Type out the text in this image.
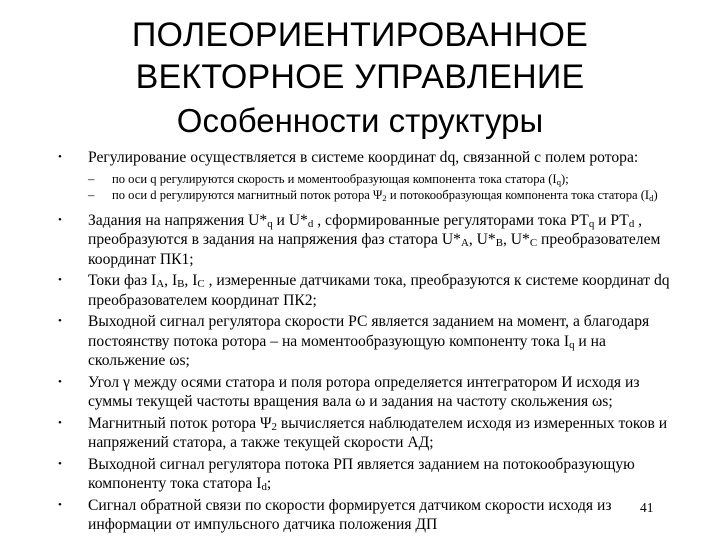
ПОЛЕОРИЕНТИРОВАННОЕ
ВЕКТОРНОЕ УПРАВЛЕНИЕ
Особенности структуры
• Регулирование осуществляется в системе координат dq, связанной с полем ротора:
– по оси q регулируются скорость и моментообразующая компонента тока статора $(I_q)$;
– по оси d регулируются магнитный поток ротора $\Psi_2$ и потокообразующая компонента тока статора $(I_d)$
• Задания на напряжения $U*_q$ и $U*_d$ , сформированные регуляторами тока $РТ_q$ и $РТ_d$ , преобразуются в задания на напряжения фаз статора $U*_A$, $U*_B$, $U*_C$ преобразователем координат ПК1;
• Токи фаз $I_A$, $I_B$, $I_C$ , измеренные датчиками тока, преобразуются к системе координат dq преобразователем координат ПК2;
• Выходной сигнал регулятора скорости РС является заданием на момент, а благодаря постоянству потока ротора – на моментообразующую компоненту тока $I_q$ и на скольжение ωs;
• Угол γ между осями статора и поля ротора определяется интегратором И исходя из суммы текущей частоты вращения вала ω и задания на частоту скольжения ωs;
• Магнитный поток ротора $\Psi_2$ вычисляется наблюдателем исходя из измеренных токов и напряжений статора, а также текущей скорости АД;
• Выходной сигнал регулятора потока РП является заданием на потокообразующую компоненту тока статора $I_d$;
• Сигнал обратной связи по скорости формируется датчиком скорости исходя из информации от импульсного датчика положения ДП
41
